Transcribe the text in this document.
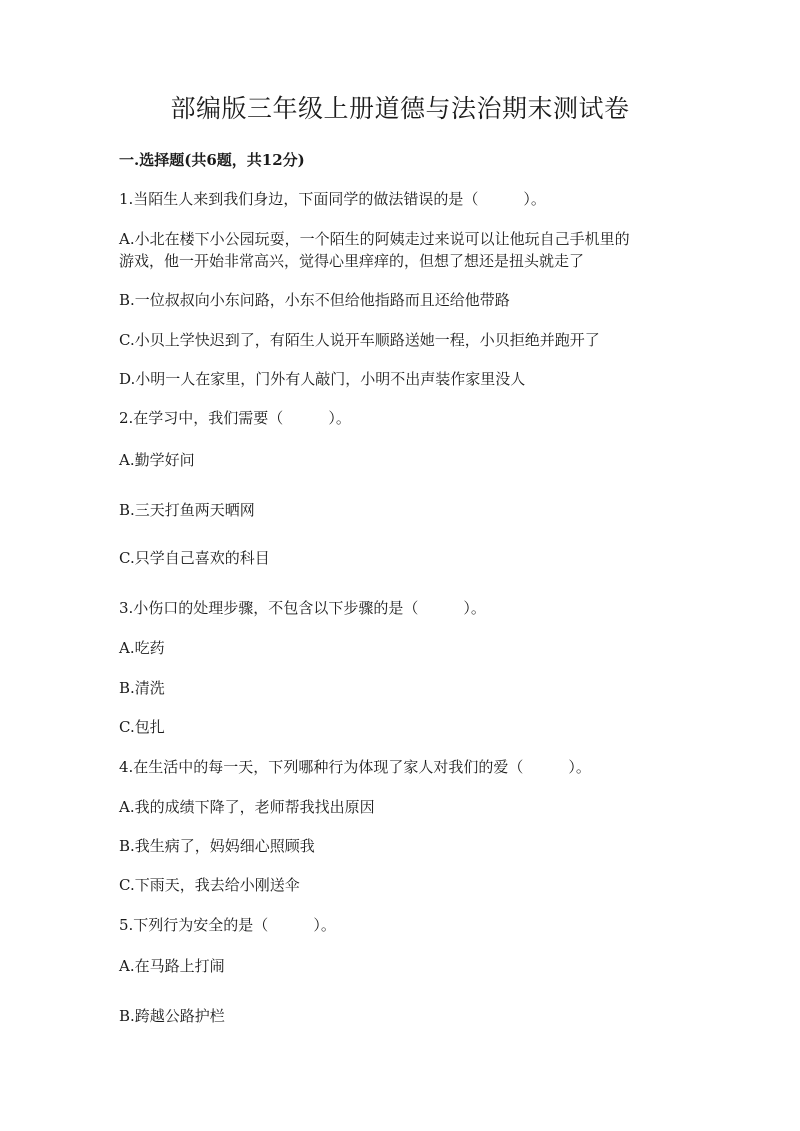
部编版三年级上册道德与法治期末测试卷
一.选择题(共6题，共12分)
1.当陌生人来到我们身边，下面同学的做法错误的是（　　　）。
A.小北在楼下小公园玩耍，一个陌生的阿姨走过来说可以让他玩自己手机里的
游戏，他一开始非常高兴，觉得心里痒痒的，但想了想还是扭头就走了
B.一位叔叔向小东问路，小东不但给他指路而且还给他带路
C.小贝上学快迟到了，有陌生人说开车顺路送她一程，小贝拒绝并跑开了
D.小明一人在家里，门外有人敲门，小明不出声装作家里没人
2.在学习中，我们需要（　　　）。
A.勤学好问
B.三天打鱼两天晒网
C.只学自己喜欢的科目
3.小伤口的处理步骤，不包含以下步骤的是（　　　）。
A.吃药
B.清洗
C.包扎
4.在生活中的每一天，下列哪种行为体现了家人对我们的爱（　　　）。
A.我的成绩下降了，老师帮我找出原因
B.我生病了，妈妈细心照顾我
C.下雨天，我去给小刚送伞
5.下列行为安全的是（　　　）。
A.在马路上打闹
B.跨越公路护栏
